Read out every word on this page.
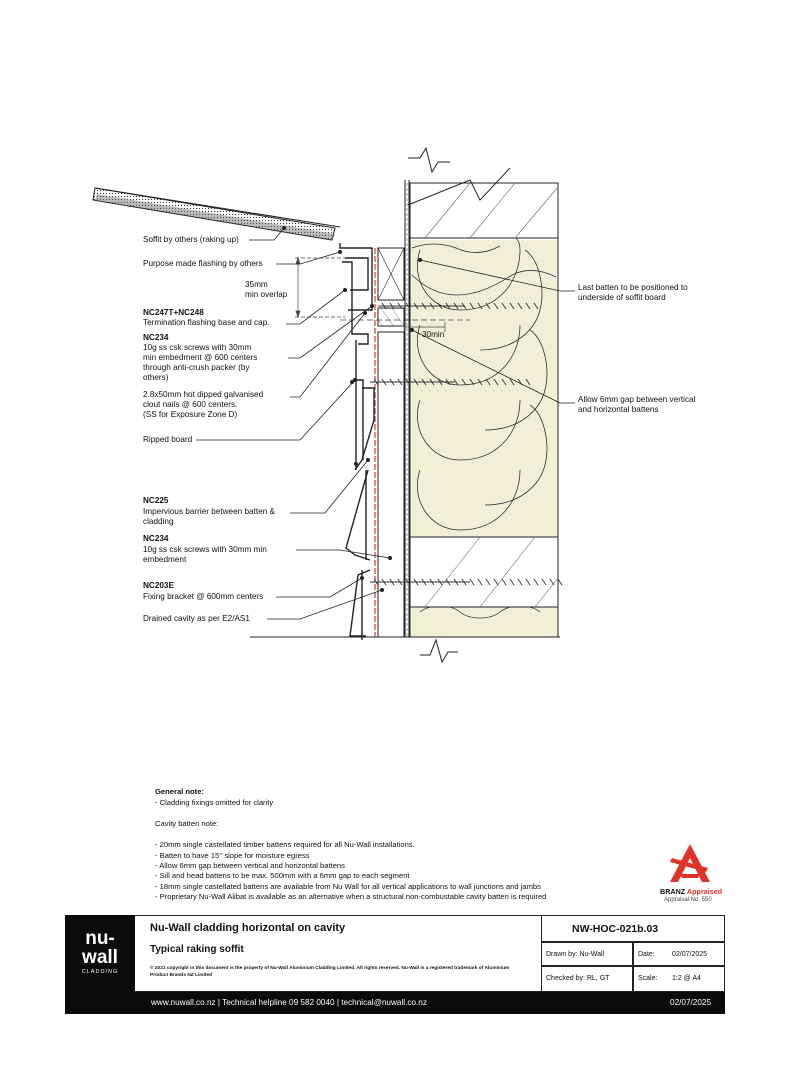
Soffit by others (raking up)
Purpose made flashing by others
35mm
min overlap
NC247T+NC248
Termination flashing base and cap.
NC234
10g ss csk screws with 30mm
min embedment @ 600 centers
through anti-crush packer (by
others)
2.8x50mm hot dipped galvanised
clout nails @ 600 centers.
(SS for Exposure Zone D)
Ripped board
NC225
Impervious barrier between batten &
cladding
NC234
10g ss csk screws with 30mm min
embedment
NC203E
Fixing bracket @ 600mm centers
Drained cavity as per E2/AS1
Last batten to be positioned to
underside of soffit board
Allow 6mm gap between vertical
and horizontal battens
30min
General note:
- Cladding fixings omitted for clarity
Cavity batten note:
- 20mm single castellated timber battens required for all Nu-Wall installations.
- Batten to have 15° slope for moisture egress
- Allow 6mm gap between vertical and horizontal battens
- Sill and head battens to be max. 500mm with a 6mm gap to each segment
- 18mm single castellated battens are available from Nu Wall for all vertical applications to wall junctions and jambs
- Proprietary Nu-Wall Alibat is available as an alternative when a structural non-combustable cavity batten is required
BRANZ Appraised
Appraisal No. 550
nu-
wall
CLADDING
Nu-Wall cladding horizontal on cavity
Typical raking soffit
© 2021 copyright in this document is the property of Nu-Wall Aluminium Cladding Limited. All rights reserved. Nu-Wall is a registered trademark of Aluminium Product Brands NZ Limited
NW-HOC-021b.03
Drawn by: Nu-Wall	Date: 02/07/2025
Checked by: RL, GT	Scale: 1:2 @ A4
www.nuwall.co.nz | Technical helpline 09 582 0040 | technical@nuwall.co.nz	02/07/2025
